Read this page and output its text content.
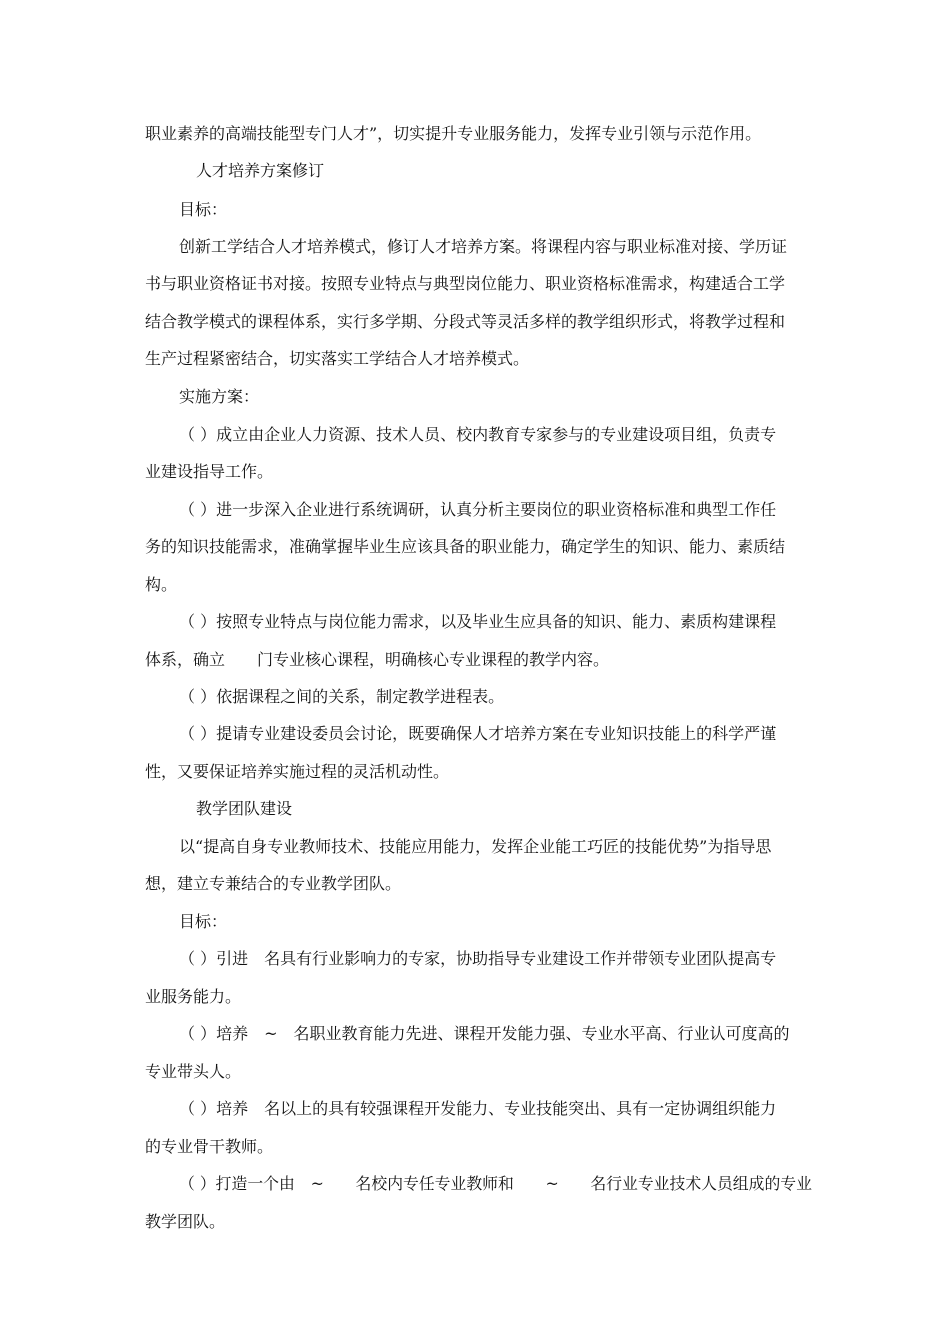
职业素养的高端技能型专门人才”，切实提升专业服务能力，发挥专业引领与示范作用。
人才培养方案修订
目标：
创新工学结合人才培养模式，修订人才培养方案。将课程内容与职业标准对接、学历证
书与职业资格证书对接。按照专业特点与典型岗位能力、职业资格标准需求，构建适合工学
结合教学模式的课程体系，实行多学期、分段式等灵活多样的教学组织形式，将教学过程和
生产过程紧密结合，切实落实工学结合人才培养模式。
实施方案：
（ ）成立由企业人力资源、技术人员、校内教育专家参与的专业建设项目组，负责专
业建设指导工作。
（ ）进一步深入企业进行系统调研，认真分析主要岗位的职业资格标准和典型工作任
务的知识技能需求，准确掌握毕业生应该具备的职业能力，确定学生的知识、能力、素质结
构。
（ ）按照专业特点与岗位能力需求，以及毕业生应具备的知识、能力、素质构建课程
体系，确立　　门专业核心课程，明确核心专业课程的教学内容。
（ ）依据课程之间的关系，制定教学进程表。
（ ）提请专业建设委员会讨论，既要确保人才培养方案在专业知识技能上的科学严谨
性，又要保证培养实施过程的灵活机动性。
教学团队建设
以“提高自身专业教师技术、技能应用能力，发挥企业能工巧匠的技能优势”为指导思
想，建立专兼结合的专业教学团队。
目标：
（ ）引进　名具有行业影响力的专家，协助指导专业建设工作并带领专业团队提高专
业服务能力。
（ ）培养　~　名职业教育能力先进、课程开发能力强、专业水平高、行业认可度高的
专业带头人。
（ ）培养　名以上的具有较强课程开发能力、专业技能突出、具有一定协调组织能力
的专业骨干教师。
（ ）打造一个由　~　　名校内专任专业教师和　　~　　名行业专业技术人员组成的专业
教学团队。
